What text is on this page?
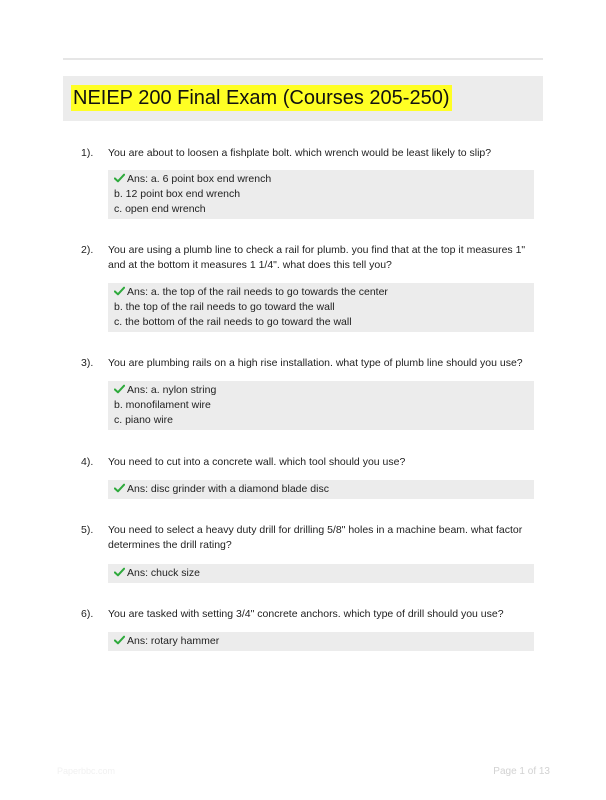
NEIEP 200 Final Exam (Courses 205-250)
1). You are about to loosen a fishplate bolt. which wrench would be least likely to slip?
Ans: a. 6 point box end wrench
b. 12 point box end wrench
c. open end wrench
2). You are using a plumb line to check a rail for plumb. you find that at the top it measures 1" and at the bottom it measures 1 1/4". what does this tell you?
Ans: a. the top of the rail needs to go towards the center
b. the top of the rail needs to go toward the wall
c. the bottom of the rail needs to go toward the wall
3). You are plumbing rails on a high rise installation. what type of plumb line should you use?
Ans: a. nylon string
b. monofilament wire
c. piano wire
4). You need to cut into a concrete wall. which tool should you use?
Ans: disc grinder with a diamond blade disc
5). You need to select a heavy duty drill for drilling 5/8" holes in a machine beam. what factor determines the drill rating?
Ans: chuck size
6). You are tasked with setting 3/4" concrete anchors. which type of drill should you use?
Ans: rotary hammer
Paperbbc.com	Page 1 of 13
